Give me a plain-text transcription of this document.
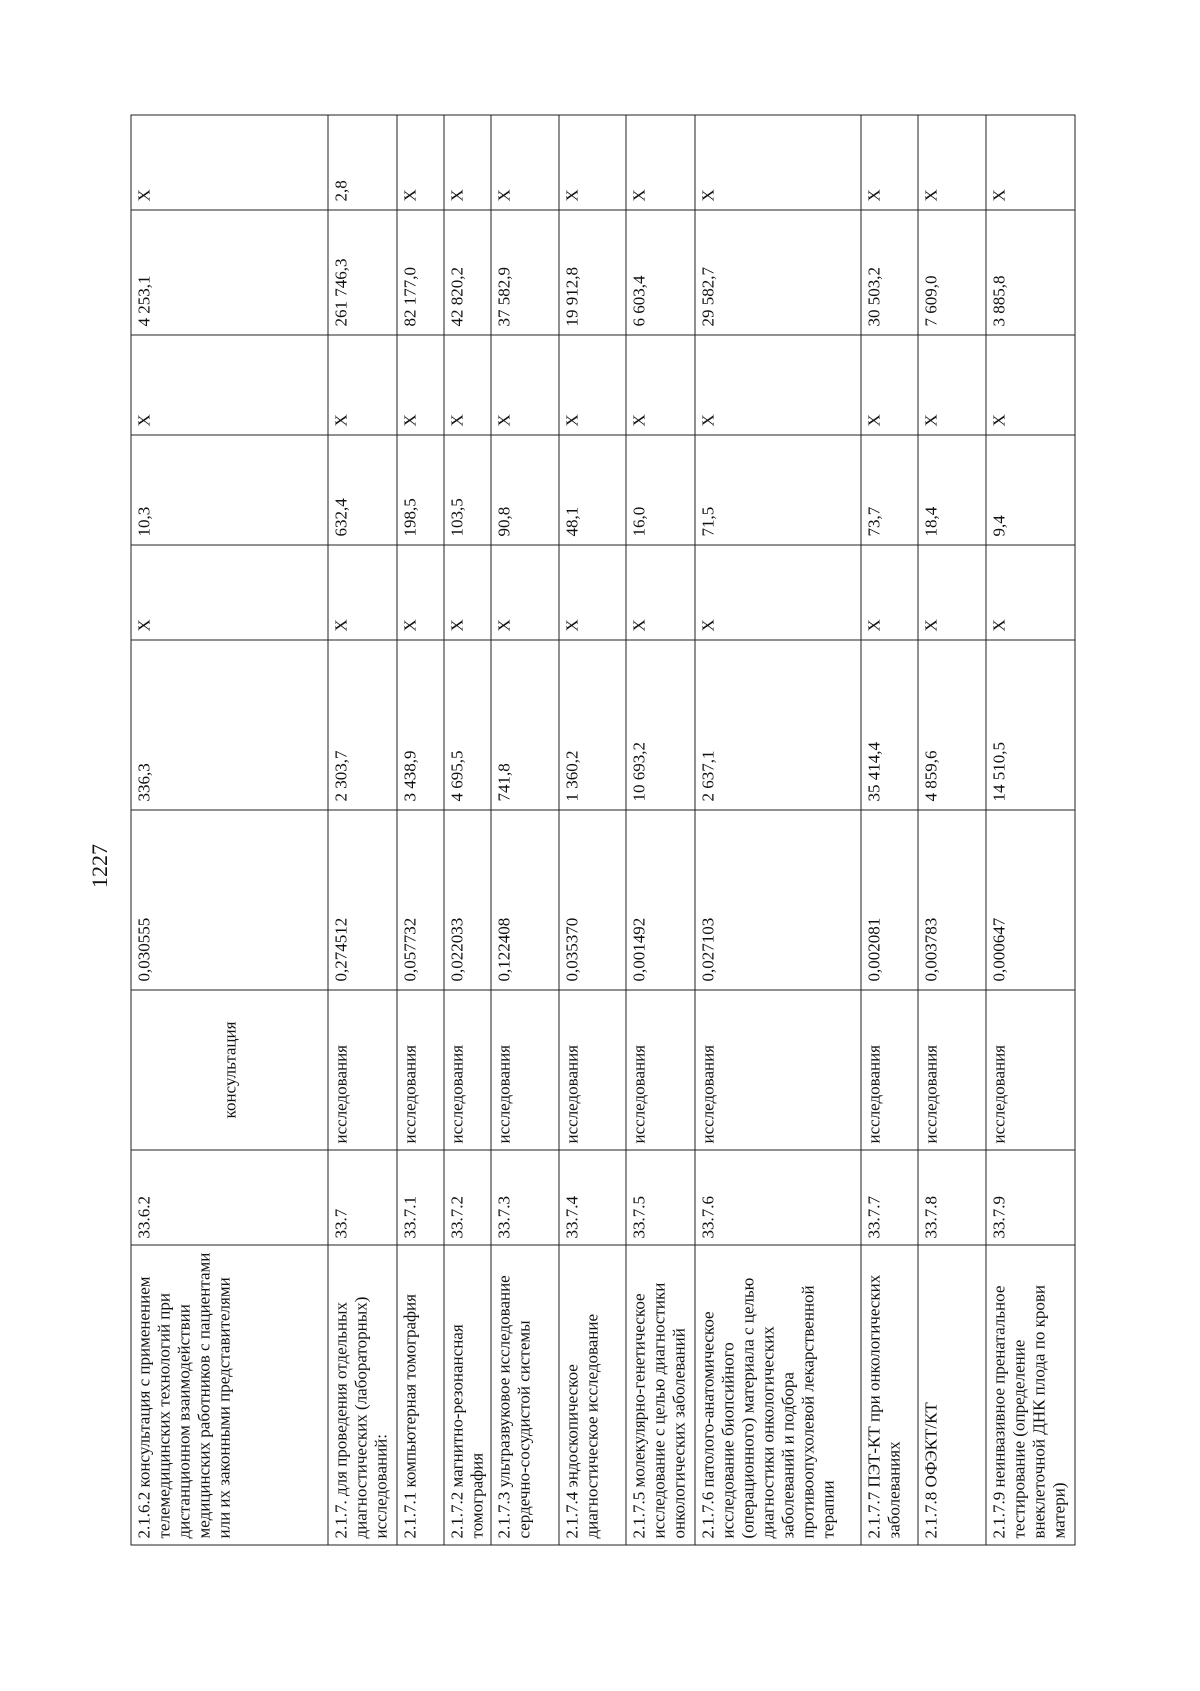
1227
2.1.6.2 консультация с применением телемедицинских технологий при дистанционном взаимодействии медицинских работников с пациентами или их законными представителями	33.6.2	консультация	0,030555	336,3	X	10,3	X	4 253,1	X
2.1.7. для проведения отдельных диагностических (лабораторных) исследований:	33.7	исследования	0,274512	2 303,7	X	632,4	X	261 746,3	2,8
2.1.7.1 компьютерная томография	33.7.1	исследования	0,057732	3 438,9	X	198,5	X	82 177,0	X
2.1.7.2 магнитно-резонансная томография	33.7.2	исследования	0,022033	4 695,5	X	103,5	X	42 820,2	X
2.1.7.3 ультразвуковое исследование сердечно-сосудистой системы	33.7.3	исследования	0,122408	741,8	X	90,8	X	37 582,9	X
2.1.7.4 эндоскопическое диагностическое исследование	33.7.4	исследования	0,035370	1 360,2	X	48,1	X	19 912,8	X
2.1.7.5 молекулярно-генетическое исследование с целью диагностики онкологических заболеваний	33.7.5	исследования	0,001492	10 693,2	X	16,0	X	6 603,4	X
2.1.7.6 патолого-анатомическое исследование биопсийного (операционного) материала с целью диагностики онкологических заболеваний и подбора противоопухолевой лекарственной терапии	33.7.6	исследования	0,027103	2 637,1	X	71,5	X	29 582,7	X
2.1.7.7 ПЭТ-КТ при онкологических заболеваниях	33.7.7	исследования	0,002081	35 414,4	X	73,7	X	30 503,2	X
2.1.7.8 ОФЭКТ/КТ	33.7.8	исследования	0,003783	4 859,6	X	18,4	X	7 609,0	X
2.1.7.9 неинвазивное пренатальное тестирование (определение внеклеточной ДНК плода по крови матери)	33.7.9	исследования	0,000647	14 510,5	X	9,4	X	3 885,8	X
